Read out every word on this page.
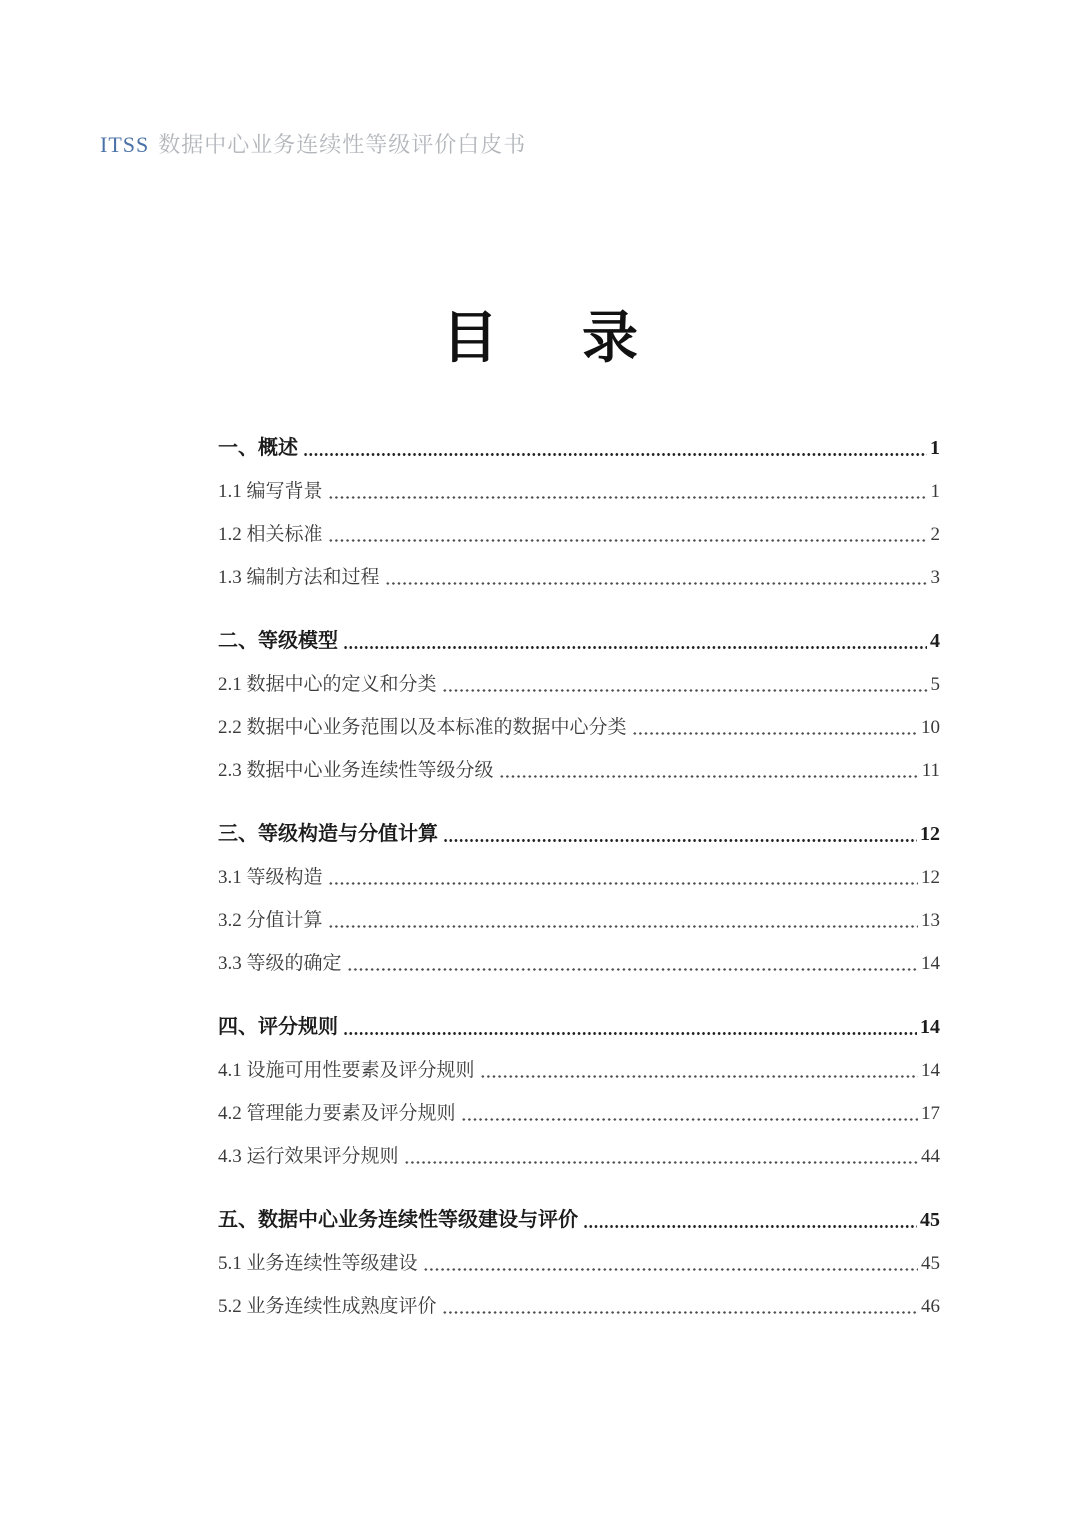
ITSS 数据中心业务连续性等级评价白皮书
目      录
一、概述	1
1.1 编写背景	1
1.2 相关标准	2
1.3 编制方法和过程	3
二、等级模型	4
2.1 数据中心的定义和分类	5
2.2 数据中心业务范围以及本标准的数据中心分类	10
2.3 数据中心业务连续性等级分级	11
三、等级构造与分值计算	12
3.1 等级构造	12
3.2 分值计算	13
3.3 等级的确定	14
四、评分规则	14
4.1 设施可用性要素及评分规则	14
4.2 管理能力要素及评分规则	17
4.3 运行效果评分规则	44
五、数据中心业务连续性等级建设与评价	45
5.1 业务连续性等级建设	45
5.2 业务连续性成熟度评价	46
